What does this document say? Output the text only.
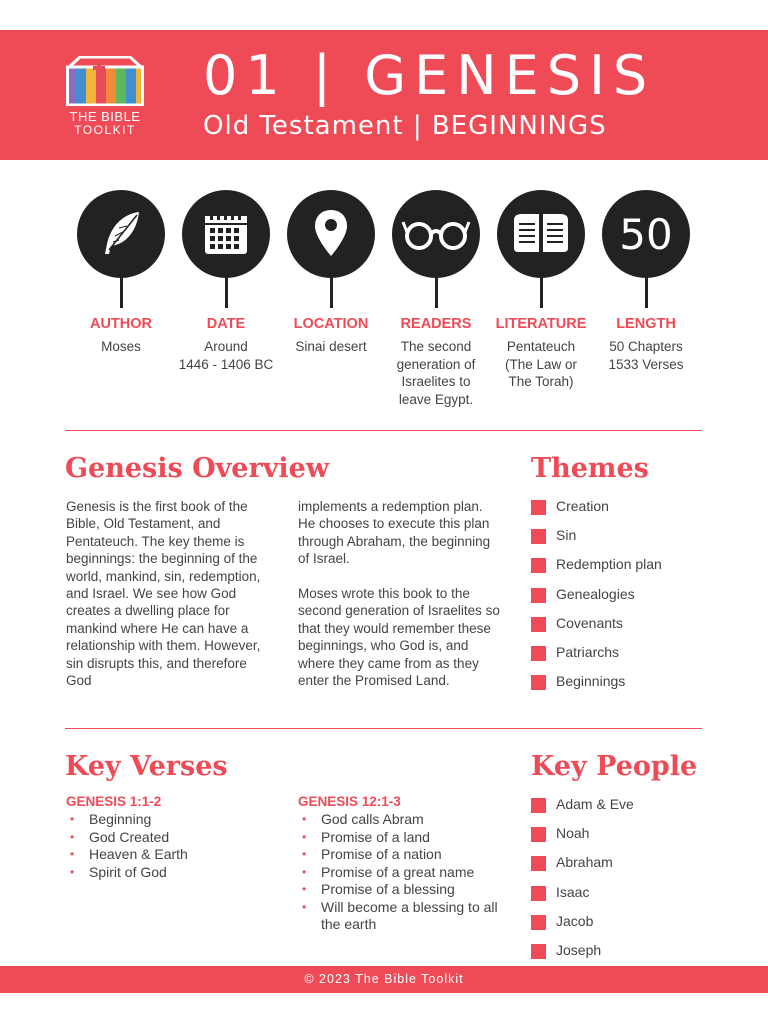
THE BIBLE
TOOLKIT
01 | GENESIS
Old Testament | BEGINNINGS
AUTHOR
Moses
DATE
Around
1446 - 1406 BC
LOCATION
Sinai desert
READERS
The second
generation of
Israelites to
leave Egypt.
LITERATURE
Pentateuch
(The Law or
The Torah)
50
LENGTH
50 Chapters
1533 Verses
Genesis Overview
Genesis is the first book of the Bible, Old Testament, and Pentateuch. The key theme is beginnings: the beginning of the world, mankind, sin, redemption, and Israel. We see how God creates a dwelling place for mankind where He can have a relationship with them. However, sin disrupts this, and therefore God
implements a redemption plan. He chooses to execute this plan through Abraham, the beginning of Israel.
Moses wrote this book to the second generation of Israelites so that they would remember these beginnings, who God is, and where they came from as they enter the Promised Land.
Themes
Creation
Sin
Redemption plan
Genealogies
Covenants
Patriarchs
Beginnings
Key Verses
GENESIS 1:1-2
• Beginning
• God Created
• Heaven & Earth
• Spirit of God
GENESIS 12:1-3
• God calls Abram
• Promise of a land
• Promise of a nation
• Promise of a great name
• Promise of a blessing
• Will become a blessing to all the earth
Key People
Adam & Eve
Noah
Abraham
Isaac
Jacob
Joseph
© 2023 The Bible Toolkit
